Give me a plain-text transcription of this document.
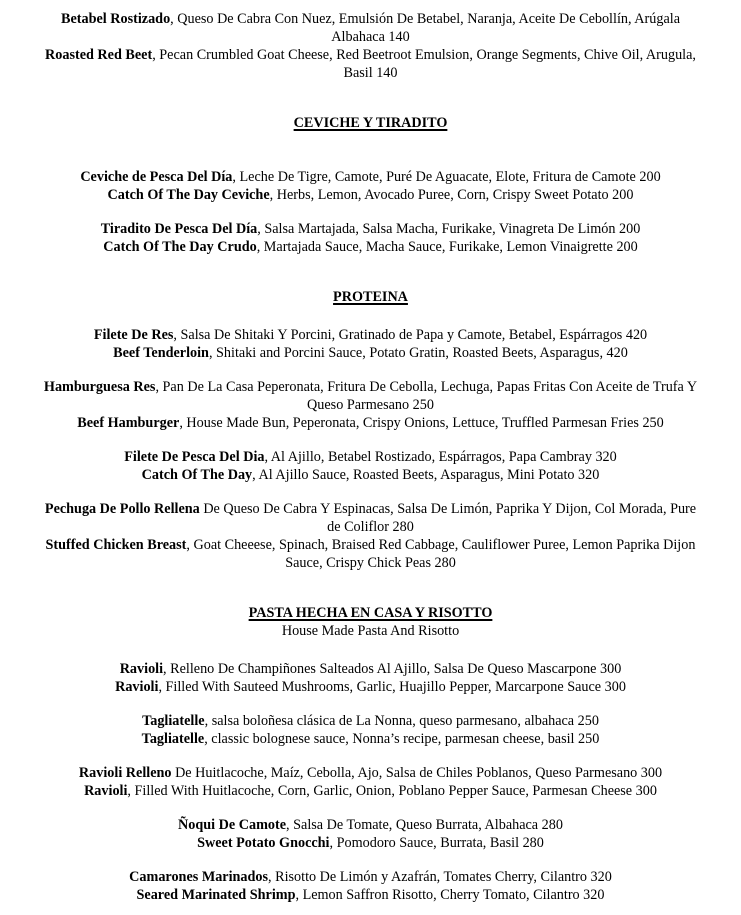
Betabel Rostizado, Queso De Cabra Con Nuez, Emulsión De Betabel, Naranja, Aceite De Cebollín, Arúgala Albahaca 140
Roasted Red Beet, Pecan Crumbled Goat Cheese, Red Beetroot Emulsion, Orange Segments, Chive Oil, Arugula, Basil 140
CEVICHE Y TIRADITO
Ceviche de Pesca Del Día, Leche De Tigre, Camote, Puré De Aguacate, Elote, Fritura de Camote 200
Catch Of The Day Ceviche, Herbs, Lemon, Avocado Puree, Corn, Crispy Sweet Potato 200
Tiradito De Pesca Del Día, Salsa Martajada, Salsa Macha, Furikake, Vinagreta De Limón 200
Catch Of The Day Crudo, Martajada Sauce, Macha Sauce, Furikake, Lemon Vinaigrette 200
PROTEINA
Filete De Res, Salsa De Shitaki Y Porcini, Gratinado de Papa y Camote, Betabel, Espárragos 420
Beef Tenderloin, Shitaki and Porcini Sauce, Potato Gratin, Roasted Beets, Asparagus, 420
Hamburguesa Res, Pan De La Casa Peperonata, Fritura De Cebolla, Lechuga, Papas Fritas Con Aceite de Trufa Y Queso Parmesano 250
Beef Hamburger, House Made Bun, Peperonata, Crispy Onions, Lettuce, Truffled Parmesan Fries 250
Filete De Pesca Del Dia, Al Ajillo, Betabel Rostizado, Espárragos, Papa Cambray 320
Catch Of The Day, Al Ajillo Sauce, Roasted Beets, Asparagus, Mini Potato 320
Pechuga De Pollo Rellena De Queso De Cabra Y Espinacas, Salsa De Limón, Paprika Y Dijon, Col Morada, Pure de Coliflor 280
Stuffed Chicken Breast, Goat Cheeese, Spinach, Braised Red Cabbage, Cauliflower Puree, Lemon Paprika Dijon Sauce, Crispy Chick Peas 280
PASTA HECHA EN CASA Y RISOTTO
House Made Pasta And Risotto
Ravioli, Relleno De Champiñones Salteados Al Ajillo, Salsa De Queso Mascarpone 300
Ravioli, Filled With Sauteed Mushrooms, Garlic, Huajillo Pepper, Marcarpone Sauce 300
Tagliatelle, salsa boloñesa clásica de La Nonna, queso parmesano, albahaca 250
Tagliatelle, classic bolognese sauce, Nonna’s recipe, parmesan cheese, basil 250
Ravioli Relleno De Huitlacoche, Maíz, Cebolla, Ajo, Salsa de Chiles Poblanos, Queso Parmesano 300
Ravioli, Filled With Huitlacoche, Corn, Garlic, Onion, Poblano Pepper Sauce, Parmesan Cheese 300
Ñoqui De Camote, Salsa De Tomate, Queso Burrata, Albahaca 280
Sweet Potato Gnocchi, Pomodoro Sauce, Burrata, Basil 280
Camarones Marinados, Risotto De Limón y Azafrán, Tomates Cherry, Cilantro 320
Seared Marinated Shrimp, Lemon Saffron Risotto, Cherry Tomato, Cilantro 320
